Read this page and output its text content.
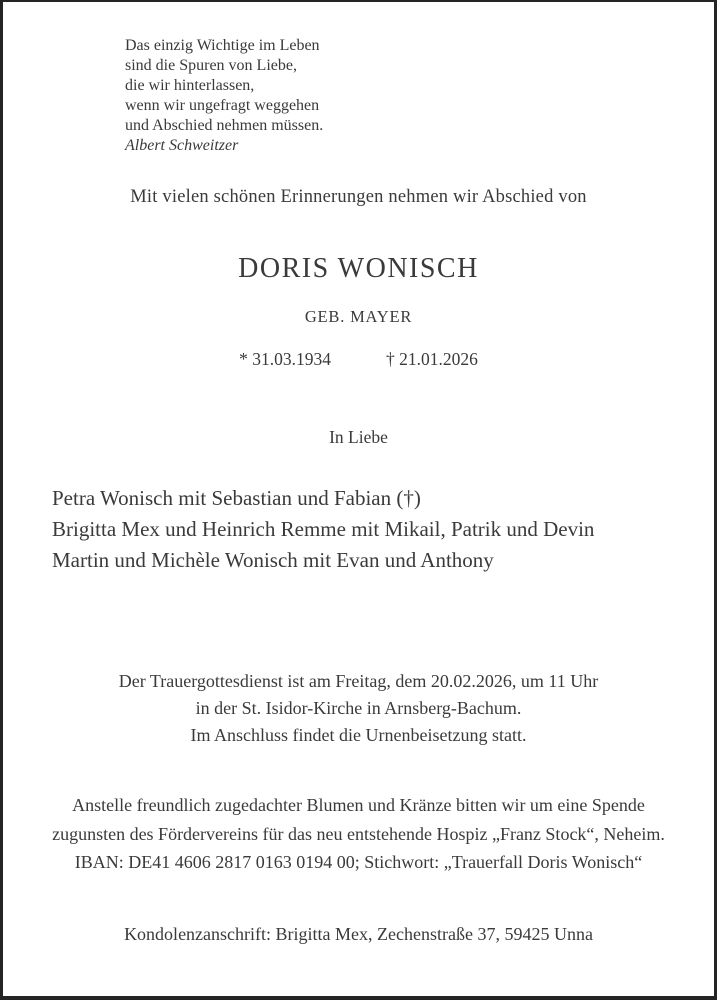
Das einzig Wichtige im Leben
sind die Spuren von Liebe,
die wir hinterlassen,
wenn wir ungefragt weggehen
und Abschied nehmen müssen.
Albert Schweitzer
Mit vielen schönen Erinnerungen nehmen wir Abschied von
DORIS WONISCH
GEB. MAYER
* 31.03.1934	† 21.01.2026
In Liebe
Petra Wonisch mit Sebastian und Fabian (†)
Brigitta Mex und Heinrich Remme mit Mikail, Patrik und Devin
Martin und Michèle Wonisch mit Evan und Anthony
Der Trauergottesdienst ist am Freitag, dem 20.02.2026, um 11 Uhr
in der St. Isidor-Kirche in Arnsberg-Bachum.
Im Anschluss findet die Urnenbeisetzung statt.
Anstelle freundlich zugedachter Blumen und Kränze bitten wir um eine Spende
zugunsten des Fördervereins für das neu entstehende Hospiz „Franz Stock“, Neheim.
IBAN: DE41 4606 2817 0163 0194 00; Stichwort: „Trauerfall Doris Wonisch“
Kondolenzanschrift: Brigitta Mex, Zechenstraße 37, 59425 Unna
